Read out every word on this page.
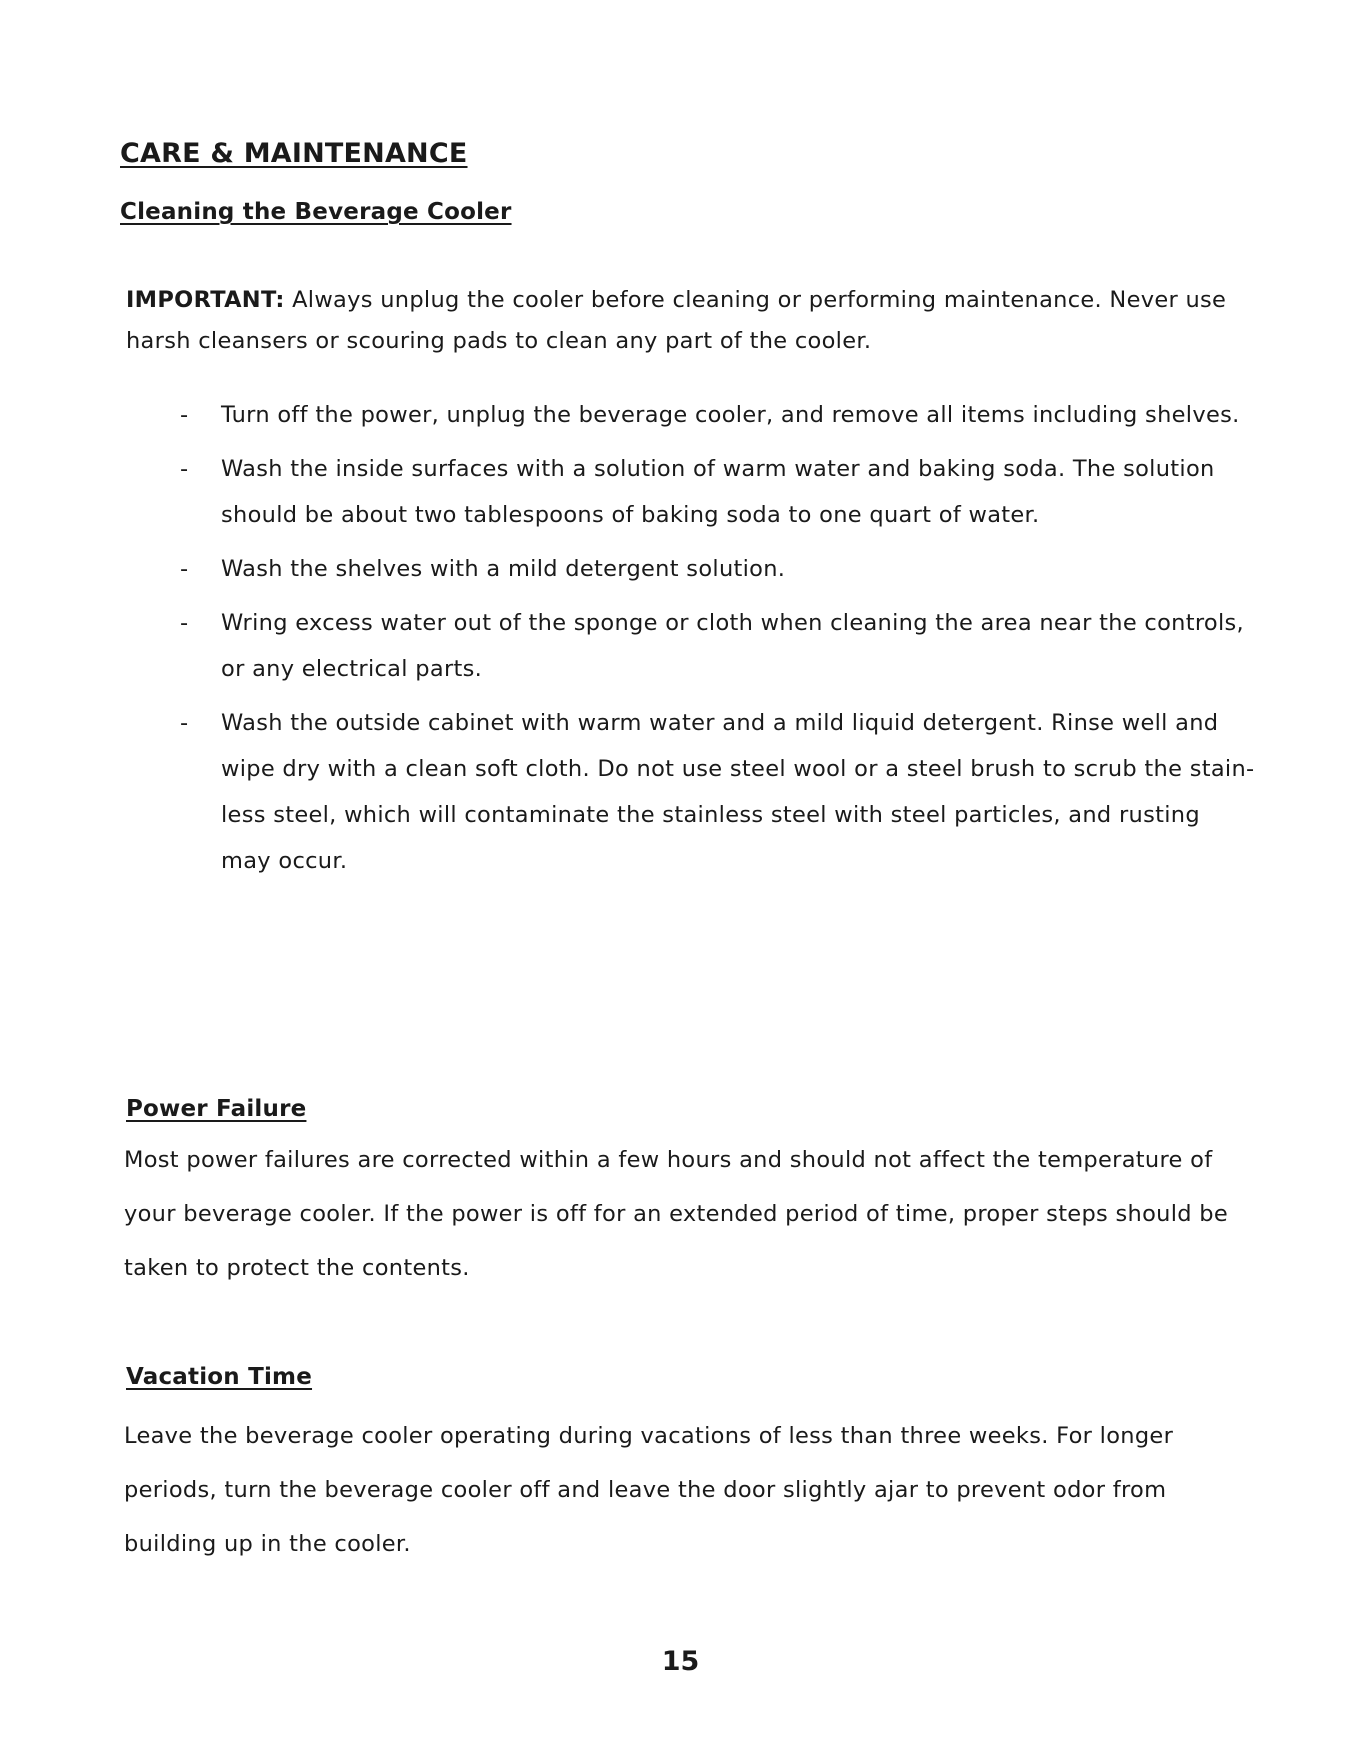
CARE & MAINTENANCE
Cleaning the Beverage Cooler

IMPORTANT: Always unplug the cooler before cleaning or performing maintenance. Never use harsh cleansers or scouring pads to clean any part of the cooler.

- Turn off the power, unplug the beverage cooler, and remove all items including shelves.
- Wash the inside surfaces with a solution of warm water and baking soda. The solution should be about two tablespoons of baking soda to one quart of water.
- Wash the shelves with a mild detergent solution.
- Wring excess water out of the sponge or cloth when cleaning the area near the controls, or any electrical parts.
- Wash the outside cabinet with warm water and a mild liquid detergent. Rinse well and wipe dry with a clean soft cloth. Do not use steel wool or a steel brush to scrub the stain-less steel, which will contaminate the stainless steel with steel particles, and rusting may occur.
Power Failure

Most power failures are corrected within a few hours and should not affect the temperature of your beverage cooler. If the power is off for an extended period of time, proper steps should be taken to protect the contents.

Vacation Time

Leave the beverage cooler operating during vacations of less than three weeks. For longer periods, turn the beverage cooler off and leave the door slightly ajar to prevent odor from building up in the cooler.

15
